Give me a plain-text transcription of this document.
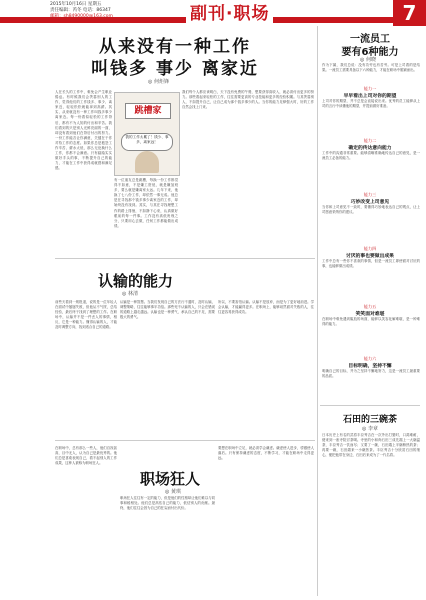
2015年10月16日 星期五
责任编辑：芮冬 电话：86347	副刊·职场	7
从来没有一种工作
叫钱多 事少 离家近
◎ 何炬锋
人在长久的工作中，难免会产生职业倦怠。有时候我们会羡慕别人的工作，觉得他们的工作钱多、事少、离家近，轻轻松松就能拿到高薪。其实，从来就没有一种工作叫钱多事少离家近。每一份看似轻松的工作背后，都有不为人知的付出和辛苦。我们看到的只是别人光鲜亮丽的一面，却没有看到他们在背后付出的努力。一份工作能否让你满意，关键在于你对待工作的态度。如果你总是抱怨工作辛苦、薪水太低，那么无论换什么工作，你都不会满意。只有踏踏实实做好手头的事，不断提升自己的能力，才能在工作中获得成就感和满足感。
跳槽家
我的工作太累了！钱少、事多，离家远！
有一位朋友总是跳槽，每换一份工作都觉得不如意，不是嫌工资低，就是嫌加班多，要么就是嫌离家太远。几年下来，他换了七八份工作，却依然一事无成。他总是在寻找那个钱多事少离家近的工作，却始终没有找到。其实，与其在寻找理想工作的路上徘徊，不如静下心来，认真做好眼前的每一件事。工作没有高低贵贱之分，只要用心去做，任何工作都能做出成绩。
我们每个人都应该明白，天下没有免费的午餐，想要获得高收入，就必须付出更多的努力。那些看起来轻松的工作，往往需要更高的专业技能和更多的经验积累。与其羡慕别人，不如提升自己，让自己成为那个钱多事少的人。当你的能力足够强大时，好的工作自然会找上门来。
认输的能力
◎ 林清
前些天看到一则报道，说的是一位年轻人在面试中屡屡失败，但他从不气馁，总结经验，最后终于找到了理想的工作。在职场中，认输并不是一件丢人的事情，相反，它是一种能力。懂得认输的人，才能及时调整方向，找到适合自己的道路。
认输是一种智慧。当我们发现自己的方法行不通时，及时认输，调整策略，往往能够事半功倍。那些死不认输的人，只会在错误的道路上越走越远。认输也是一种勇气，承认自己的不足，需要极大的勇气。
所以，不要害怕认输。认输不是放弃，而是为了更好地前进。学会认输，才能赢得更多。在职场上，能够坦然面对失败的人，往往更容易获得成功。
在职场中，总有那么一些人，他们自视甚高，目中无人，认为自己是最优秀的。他们总是喜欢表现自己，看不起别人的工作成果，这种人被称为职场狂人。
职场狂人
◎ 黄琪
职场狂人往往有一定的能力，但是他们的性格却让他们难以与同事和睦相处。他们总是高估自己的能力，低估别人的贡献。最终，他们往往会因为自己的狂妄而付出代价。
要想在职场中立足，就必须学会谦虚。谦虚使人进步，骄傲使人落后。只有保持谦虚的态度，不断学习，才能在职场中走得更远。
一流员工
要有6种能力
◎ 何晓
作为下属，我们总说：没有功劳也有苦劳。可是上司看的是结果。一流员工需要具备以下六种能力，才能在职场中脱颖而出。
能力一
早早看出上司对你的期望
上司对你的期望，并不总是会直接说出来。优秀的员工能够从上司的言行中读懂他的期望，并提前做好准备。
能力二
确定的传达意向能力
工作中的沟通非常重要。能够清晰准确地传达自己的意见，是一流员工必备的能力。
能力三
巧妙改变上司意见
当你和上司意见不一致时，要懂得巧妙地表达自己的观点，让上司愿意采纳你的建议。
能力四
讨厌的事也要做出成果
工作中总有一些你不喜欢的事情，但是一流员工即使面对讨厌的事，也能够做出成绩。
能力五
笑笑面对难堪
在职场中难免遇到尴尬的场面，能够以笑容化解难堪，是一种难得的能力。
能力六
目标明确，坚持不懈
明确自己的目标，并为之坚持不懈地努力，这是一流员工最重要的品质。
石田的三碗茶
◎ 李章
日本历史上有名的武将丰臣秀吉在一次外出打猎时，口渴难耐，便来到一座寺院讨茶喝。寺里的小和尚石田三成先端上一大碗温茶，丰臣秀吉一饮而尽；又要了一碗，石田端上半碗稍热的茶；再要一碗，石田端来一小碗热茶。丰臣秀吉十分欣赏石田的细心，便把他带在身边，石田后来成为了一代名将。
